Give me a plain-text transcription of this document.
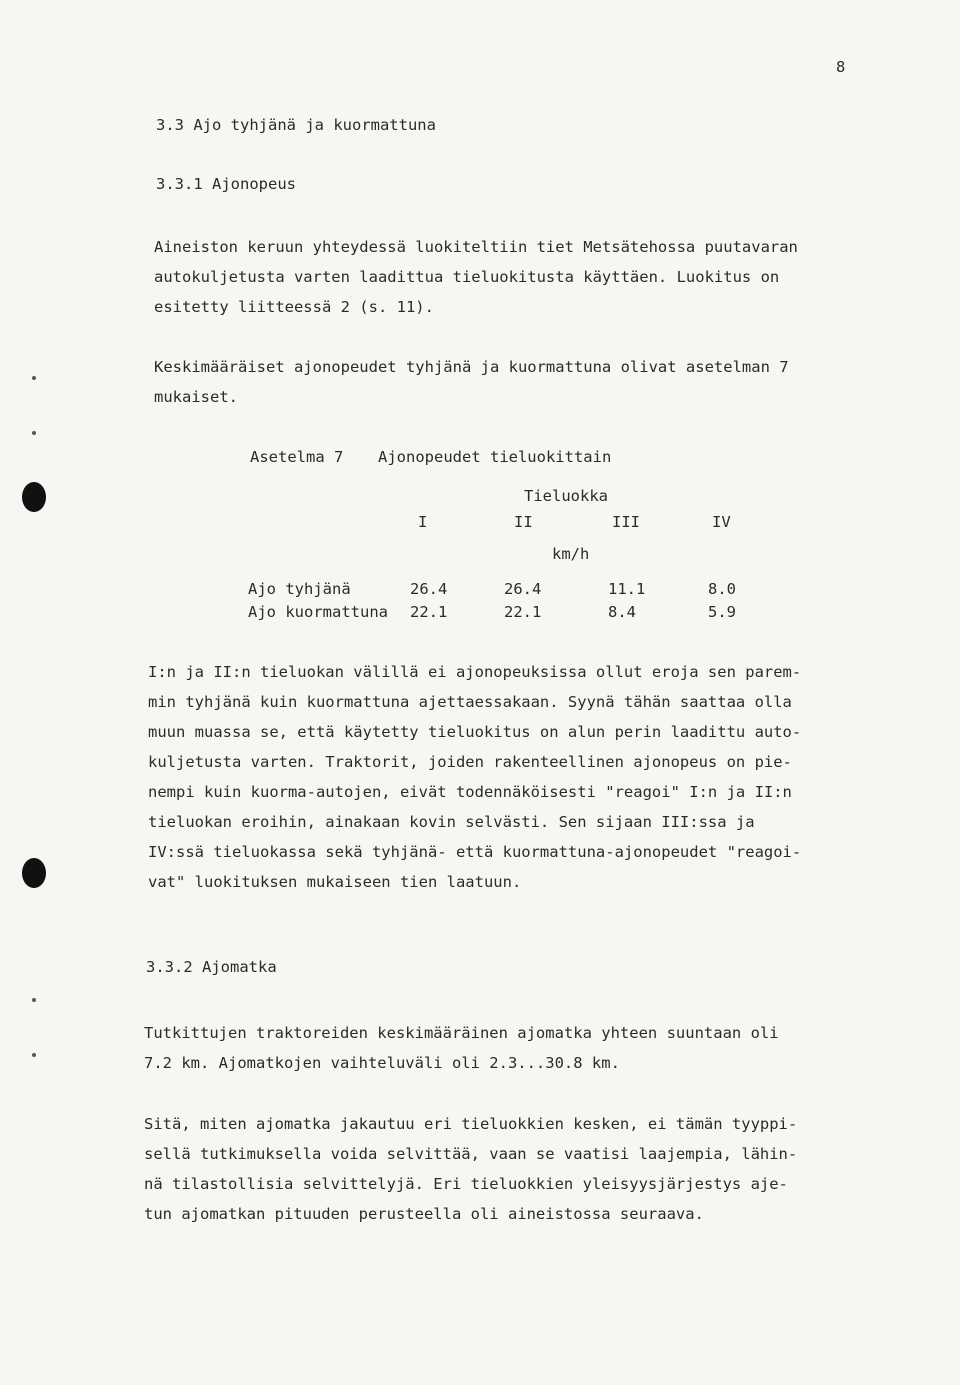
8
3.3 Ajo tyhjänä ja kuormattuna
3.3.1 Ajonopeus
Aineiston keruun yhteydessä luokiteltiin tiet Metsätehossa puutavaran
autokuljetusta varten laadittua tieluokitusta käyttäen. Luokitus on
esitetty liitteessä 2 (s. 11).
Keskimääräiset ajonopeudet tyhjänä ja kuormattuna olivat asetelman 7
mukaiset.
Asetelma 7 Ajonopeudet tieluokittain
Tieluokka
I	II	III	IV
km/h
Ajo tyhjänä	26.4	26.4	11.1	8.0
Ajo kuormattuna 22.1	22.1	8.4	5.9
I:n ja II:n tieluokan välillä ei ajonopeuksissa ollut eroja sen parem-
min tyhjänä kuin kuormattuna ajettaessakaan. Syynä tähän saattaa olla
muun muassa se, että käytetty tieluokitus on alun perin laadittu auto-
kuljetusta varten. Traktorit, joiden rakenteellinen ajonopeus on pie-
nempi kuin kuorma-autojen, eivät todennäköisesti "reagoi" I:n ja II:n
tieluokan eroihin, ainakaan kovin selvästi. Sen sijaan III:ssa ja
IV:ssä tieluokassa sekä tyhjänä- että kuormattuna-ajonopeudet "reagoi-
vat" luokituksen mukaiseen tien laatuun.
3.3.2 Ajomatka
Tutkittujen traktoreiden keskimääräinen ajomatka yhteen suuntaan oli
7.2 km. Ajomatkojen vaihteluväli oli 2.3...30.8 km.
Sitä, miten ajomatka jakautuu eri tieluokkien kesken, ei tämän tyyppi-
sellä tutkimuksella voida selvittää, vaan se vaatisi laajempia, lähin-
nä tilastollisia selvittelyjä. Eri tieluokkien yleisyysjärjestys aje-
tun ajomatkan pituuden perusteella oli aineistossa seuraava.
